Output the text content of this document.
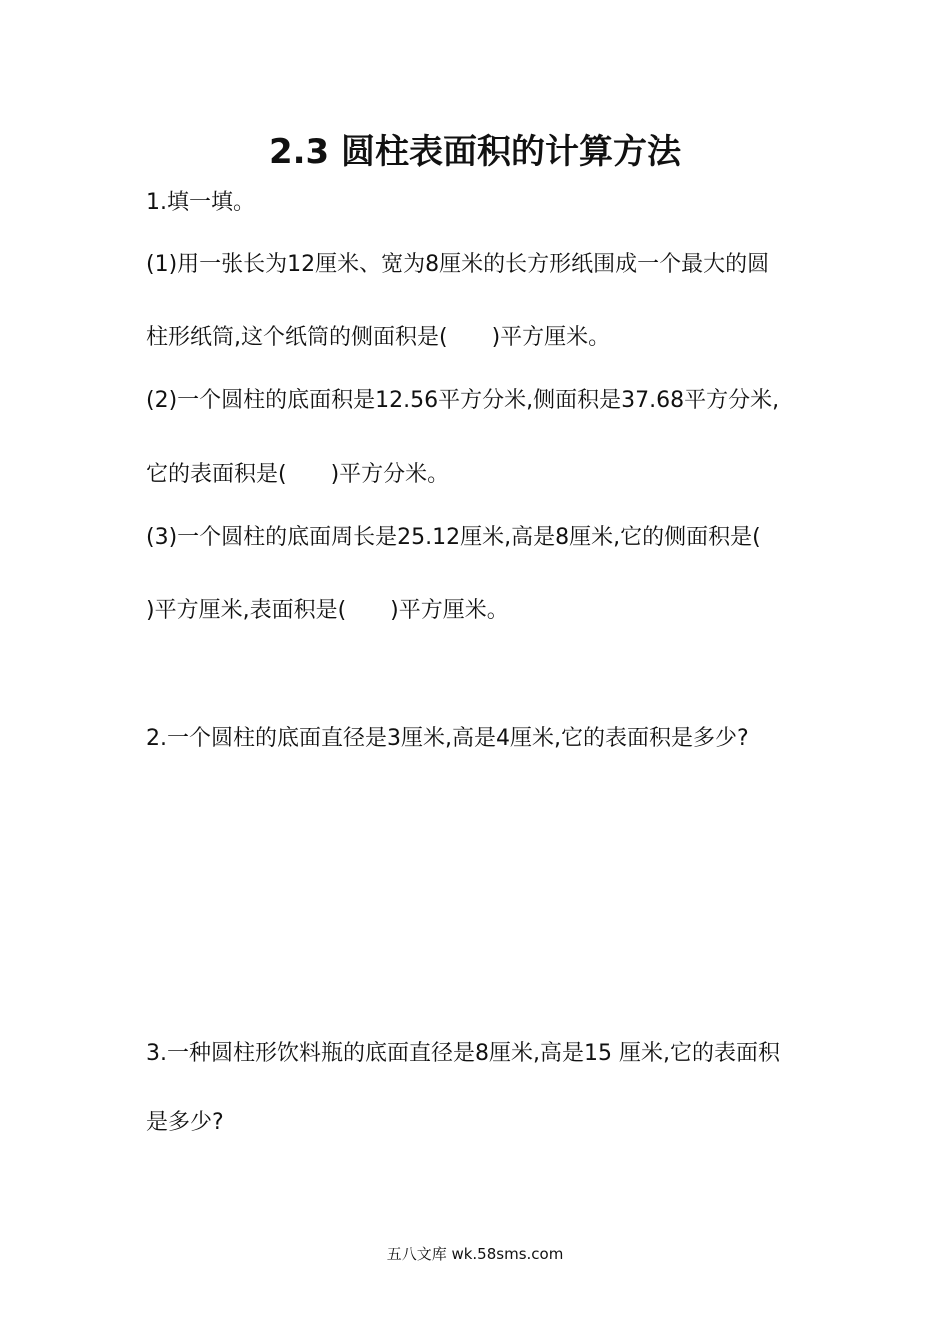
2.3 圆柱表面积的计算方法
1.填一填。
(1)用一张长为12厘米、宽为8厘米的长方形纸围成一个最大的圆
柱形纸筒,这个纸筒的侧面积是(　　)平方厘米。
(2)一个圆柱的底面积是12.56平方分米,侧面积是37.68平方分米,
它的表面积是(　　)平方分米。
(3)一个圆柱的底面周长是25.12厘米,高是8厘米,它的侧面积是(
)平方厘米,表面积是(　　)平方厘米。
2.一个圆柱的底面直径是3厘米,高是4厘米,它的表面积是多少?
3.一种圆柱形饮料瓶的底面直径是8厘米,高是15 厘米,它的表面积
是多少?
五八文库 wk.58sms.com
